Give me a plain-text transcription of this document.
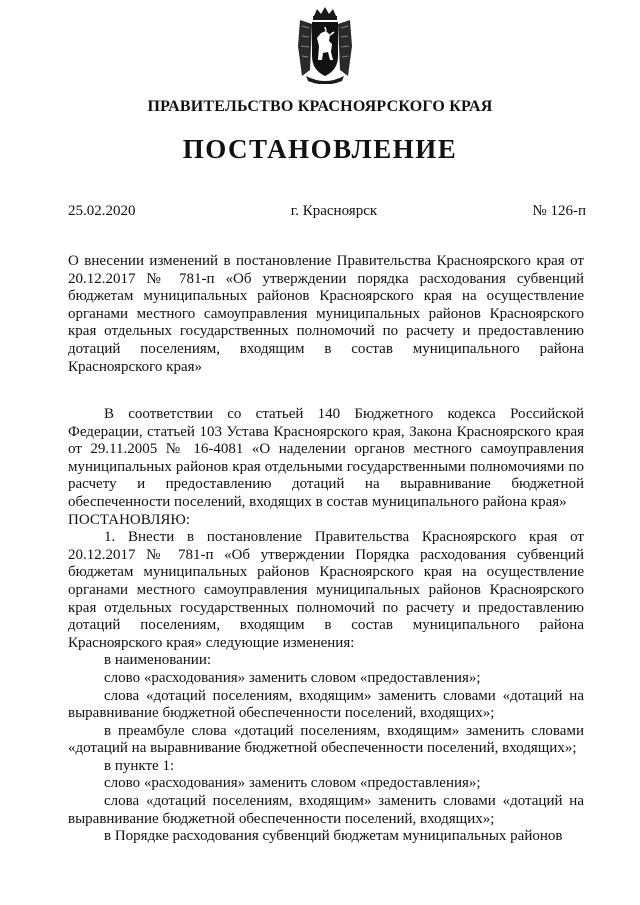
ПРАВИТЕЛЬСТВО КРАСНОЯРСКОГО КРАЯ
ПОСТАНОВЛЕНИЕ
25.02.2020	г. Красноярск	№ 126-п
О внесении изменений в постановление Правительства Красноярского края от 20.12.2017 № 781-п «Об утверждении порядка расходования субвенций бюджетам муниципальных районов Красноярского края на осуществление органами местного самоуправления муниципальных районов Красноярского края отдельных государственных полномочий по расчету и предоставлению дотаций поселениям, входящим в состав муниципального района Красноярского края»

В соответствии со статьей 140 Бюджетного кодекса Российской Федерации, статьей 103 Устава Красноярского края, Закона Красноярского края от 29.11.2005 № 16-4081 «О наделении органов местного самоуправления муниципальных районов края отдельными государственными полномочиями по расчету и предоставлению дотаций на выравнивание бюджетной обеспеченности поселений, входящих в состав муниципального района края»

ПОСТАНОВЛЯЮ:

1. Внести в постановление Правительства Красноярского края от 20.12.2017 № 781-п «Об утверждении Порядка расходования субвенций бюджетам муниципальных районов Красноярского края на осуществление органами местного самоуправления муниципальных районов Красноярского края отдельных государственных полномочий по расчету и предоставлению дотаций поселениям, входящим в состав муниципального района Красноярского края» следующие изменения:

в наименовании:

слово «расходования» заменить словом «предоставления»;

слова «дотаций поселениям, входящим» заменить словами «дотаций на выравнивание бюджетной обеспеченности поселений, входящих»;

в преамбуле слова «дотаций поселениям, входящим» заменить словами «дотаций на выравнивание бюджетной обеспеченности поселений, входящих»;

в пункте 1:

слово «расходования» заменить словом «предоставления»;

слова «дотаций поселениям, входящим» заменить словами «дотаций на выравнивание бюджетной обеспеченности поселений, входящих»;

в Порядке расходования субвенций бюджетам муниципальных районов
